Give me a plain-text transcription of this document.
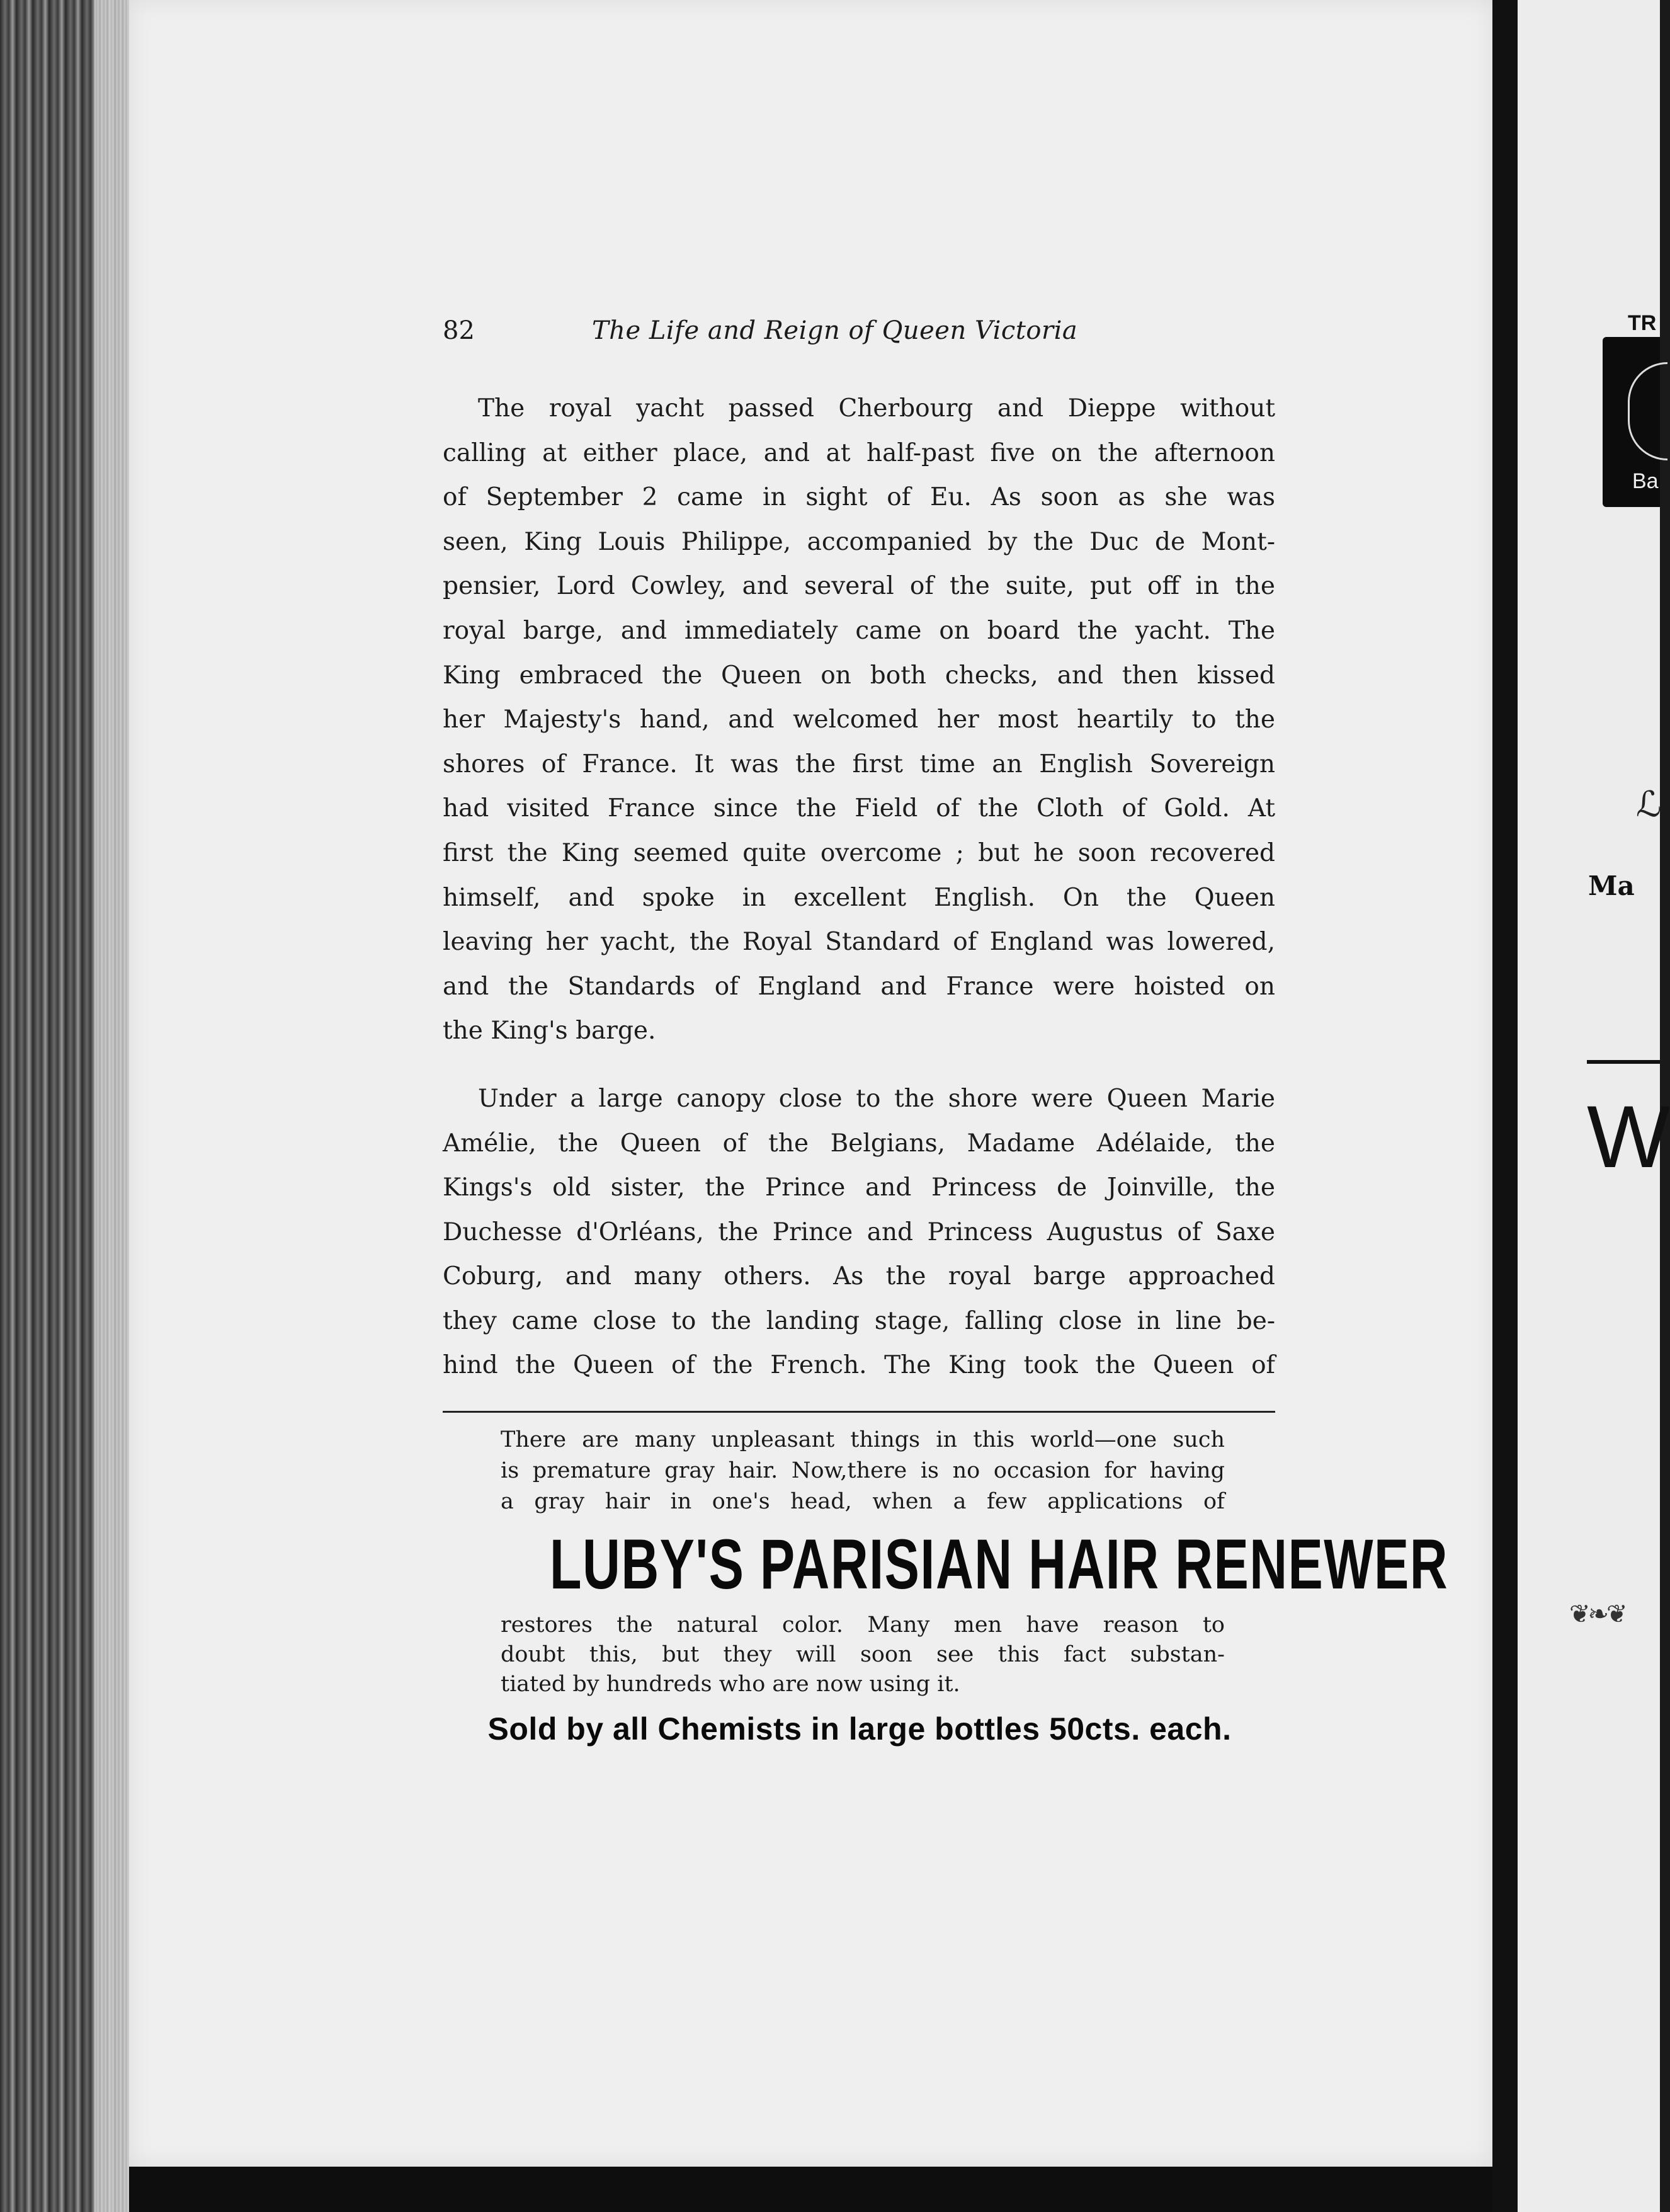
TR
Ba
ℒ
Ma
W
❦❧❦
82	The Life and Reign of Queen Victoria
The royal yacht passed Cherbourg and Dieppe without
calling at either place, and at half-past five on the afternoon
of September 2 came in sight of Eu. As soon as she was
seen, King Louis Philippe, accompanied by the Duc de Mont-
pensier, Lord Cowley, and several of the suite, put off in the
royal barge, and immediately came on board the yacht. The
King embraced the Queen on both checks, and then kissed
her Majesty's hand, and welcomed her most heartily to the
shores of France. It was the first time an English Sovereign
had visited France since the Field of the Cloth of Gold. At
first the King seemed quite overcome ; but he soon recovered
himself, and spoke in excellent English. On the Queen
leaving her yacht, the Royal Standard of England was lowered,
and the Standards of England and France were hoisted on
the King's barge.
Under a large canopy close to the shore were Queen Marie
Amélie, the Queen of the Belgians, Madame Adélaide, the
Kings's old sister, the Prince and Princess de Joinville, the
Duchesse d'Orléans, the Prince and Princess Augustus of Saxe
Coburg, and many others. As the royal barge approached
they came close to the landing stage, falling close in line be-
hind the Queen of the French. The King took the Queen of
There are many unpleasant things in this world—one such
is premature gray hair. Now,there is no occasion for having
a gray hair in one's head, when a few applications of
LUBY'S PARISIAN HAIR RENEWER
restores the natural color. Many men have reason to
doubt this, but they will soon see this fact substan-
tiated by hundreds who are now using it.
Sold by all Chemists in large bottles 50cts. each.
